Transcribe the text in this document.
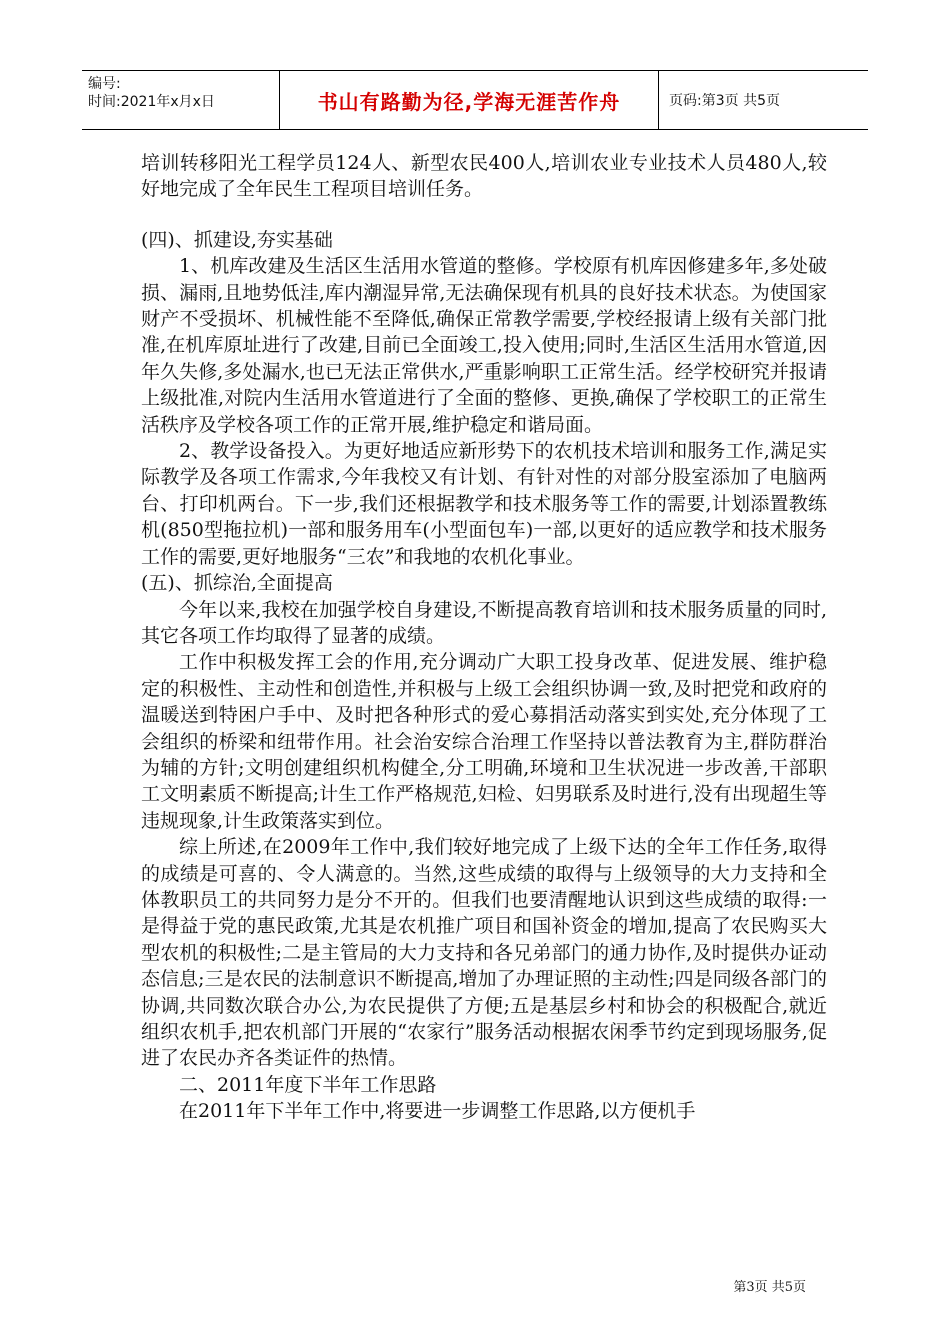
编号:
时间:2021年x月x日	书山有路勤为径,学海无涯苦作舟	页码:第3页 共5页

培训转移阳光工程学员124人、新型农民400人,培训农业专业技术人员480人,较好地完成了全年民生工程项目培训任务。

(四)、抓建设,夯实基础

1、机库改建及生活区生活用水管道的整修。学校原有机库因修建多年,多处破损、漏雨,且地势低洼,库内潮湿异常,无法确保现有机具的良好技术状态。为使国家财产不受损坏、机械性能不至降低,确保正常教学需要,学校经报请上级有关部门批准,在机库原址进行了改建,目前已全面竣工,投入使用;同时,生活区生活用水管道,因年久失修,多处漏水,也已无法正常供水,严重影响职工正常生活。经学校研究并报请上级批准,对院内生活用水管道进行了全面的整修、更换,确保了学校职工的正常生活秩序及学校各项工作的正常开展,维护稳定和谐局面。

2、教学设备投入。为更好地适应新形势下的农机技术培训和服务工作,满足实际教学及各项工作需求,今年我校又有计划、有针对性的对部分股室添加了电脑两台、打印机两台。下一步,我们还根据教学和技术服务等工作的需要,计划添置教练机(850型拖拉机)一部和服务用车(小型面包车)一部,以更好的适应教学和技术服务工作的需要,更好地服务“三农”和我地的农机化事业。

(五)、抓综治,全面提高

今年以来,我校在加强学校自身建设,不断提高教育培训和技术服务质量的同时,其它各项工作均取得了显著的成绩。

工作中积极发挥工会的作用,充分调动广大职工投身改革、促进发展、维护稳定的积极性、主动性和创造性,并积极与上级工会组织协调一致,及时把党和政府的温暖送到特困户手中、及时把各种形式的爱心募捐活动落实到实处,充分体现了工会组织的桥梁和纽带作用。社会治安综合治理工作坚持以普法教育为主,群防群治为辅的方针;文明创建组织机构健全,分工明确,环境和卫生状况进一步改善,干部职工文明素质不断提高;计生工作严格规范,妇检、妇男联系及时进行,没有出现超生等违规现象,计生政策落实到位。

综上所述,在2009年工作中,我们较好地完成了上级下达的全年工作任务,取得的成绩是可喜的、令人满意的。当然,这些成绩的取得与上级领导的大力支持和全体教职员工的共同努力是分不开的。但我们也要清醒地认识到这些成绩的取得:一是得益于党的惠民政策,尤其是农机推广项目和国补资金的增加,提高了农民购买大型农机的积极性;二是主管局的大力支持和各兄弟部门的通力协作,及时提供办证动态信息;三是农民的法制意识不断提高,增加了办理证照的主动性;四是同级各部门的协调,共同数次联合办公,为农民提供了方便;五是基层乡村和协会的积极配合,就近组织农机手,把农机部门开展的“农家行”服务活动根据农闲季节约定到现场服务,促进了农民办齐各类证件的热情。

二、2011年度下半年工作思路

在2011年下半年工作中,将要进一步调整工作思路,以方便机手

第3页 共5页
